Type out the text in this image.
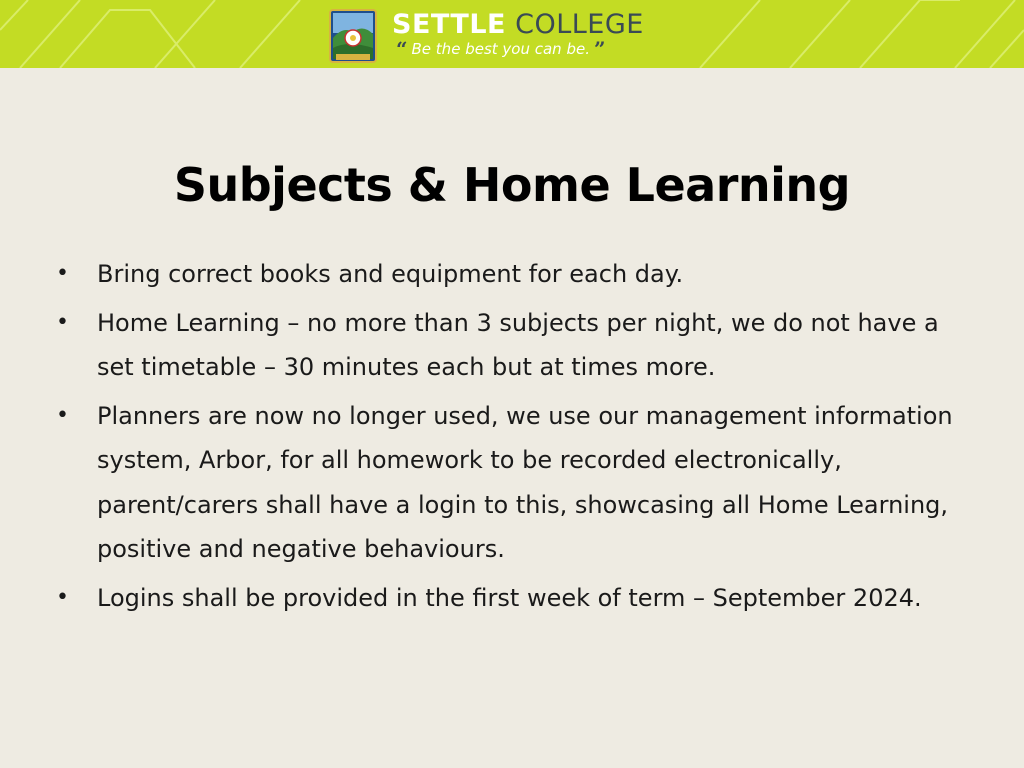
SETTLE COLLEGE
“ Be the best you can be. ”
Subjects & Home Learning
• Bring correct books and equipment for each day.
• Home Learning – no more than 3 subjects per night, we do not have a set timetable – 30 minutes each but at times more.
• Planners are now no longer used, we use our management information system, Arbor, for all homework to be recorded electronically, parent/carers shall have a login to this, showcasing all Home Learning, positive and negative behaviours.
• Logins shall be provided in the first week of term – September 2024.
